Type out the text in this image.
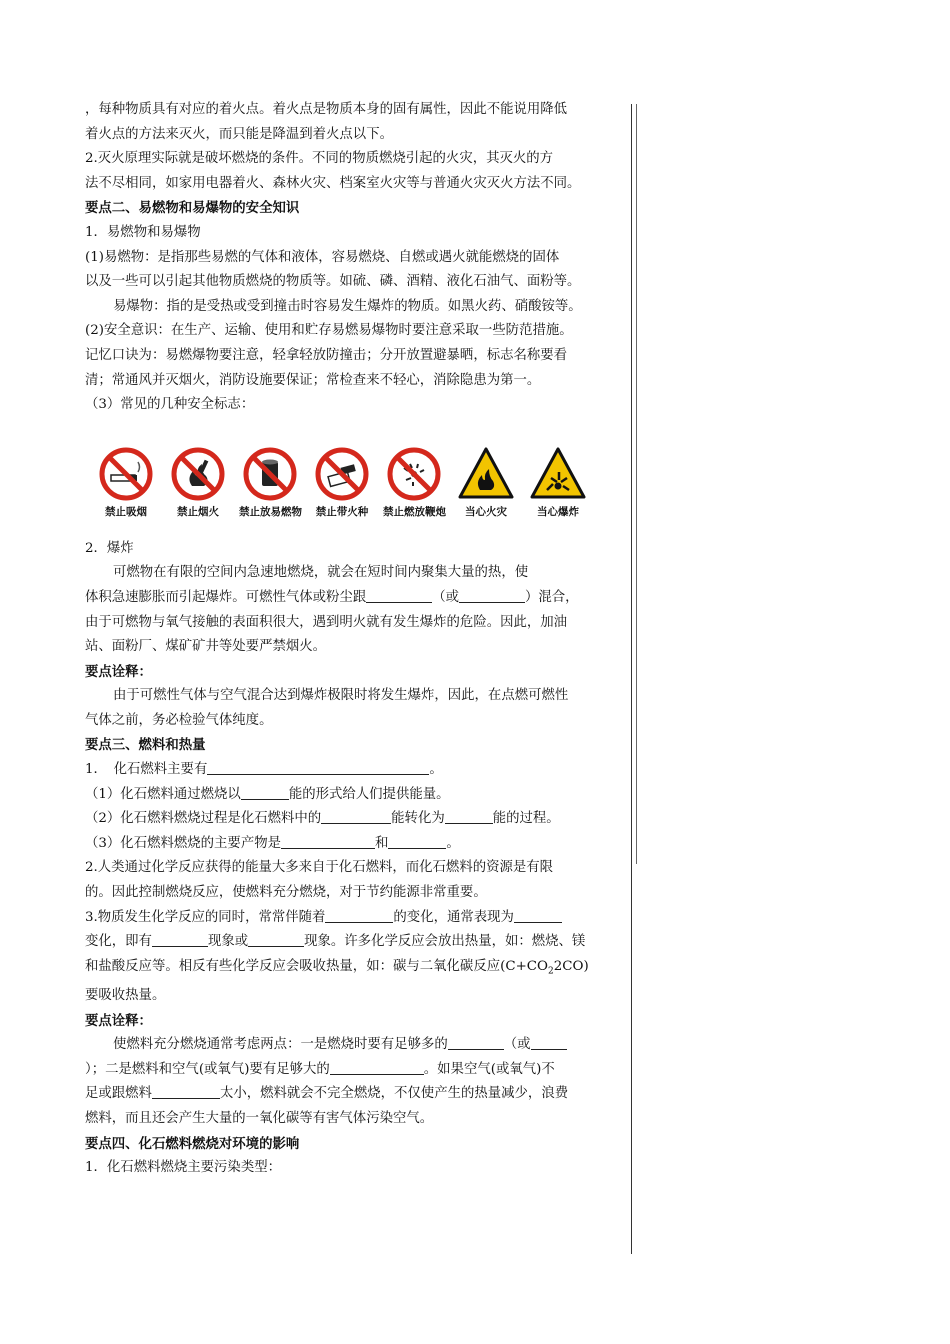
，每种物质具有对应的着火点。着火点是物质本身的固有属性，因此不能说用降低
着火点的方法来灭火，而只能是降温到着火点以下。
2.灭火原理实际就是破坏燃烧的条件。不同的物质燃烧引起的火灾，其灭火的方
法不尽相同，如家用电器着火、森林火灾、档案室火灾等与普通火灾灭火方法不同。
要点二、易燃物和易爆物的安全知识
1．易燃物和易爆物
(1)易燃物：是指那些易燃的气体和液体，容易燃烧、自燃或遇火就能燃烧的固体
以及一些可以引起其他物质燃烧的物质等。如硫、磷、酒精、液化石油气、面粉等。
易爆物：指的是受热或受到撞击时容易发生爆炸的物质。如黑火药、硝酸铵等。
(2)安全意识：在生产、运输、使用和贮存易燃易爆物时要注意采取一些防范措施。
记忆口诀为：易燃爆物要注意，轻拿轻放防撞击；分开放置避暴晒，标志名称要看
清；常通风并灭烟火，消防设施要保证；常检查来不轻心，消除隐患为第一。
（3）常见的几种安全标志：
禁止吸烟	禁止烟火	禁止放易燃物	禁止带火种	禁止燃放鞭炮	当心火灾	当心爆炸
2．爆炸
可燃物在有限的空间内急速地燃烧，就会在短时间内聚集大量的热，使
体积急速膨胀而引起爆炸。可燃性气体或粉尘跟	（或	）混合，
由于可燃物与氧气接触的表面积很大，遇到明火就有发生爆炸的危险。因此，加油
站、面粉厂、煤矿矿井等处要严禁烟火。
要点诠释：
由于可燃性气体与空气混合达到爆炸极限时将发生爆炸，因此，在点燃可燃性
气体之前，务必检验气体纯度。
要点三、燃料和热量
1．　化石燃料主要有	。
（1）化石燃料通过燃烧以	能的形式给人们提供能量。
（2）化石燃料燃烧过程是化石燃料中的	能转化为	能的过程。
（3）化石燃料燃烧的主要产物是	和	。
2.人类通过化学反应获得的能量大多来自于化石燃料，而化石燃料的资源是有限
的。因此控制燃烧反应，使燃料充分燃烧，对于节约能源非常重要。
3.物质发生化学反应的同时，常常伴随着	的变化，通常表现为
变化，即有	现象或	现象。许多化学反应会放出热量，如：燃烧、镁
和盐酸反应等。相反有些化学反应会吸收热量，如：碳与二氧化碳反应$(C+CO_22CO)$
要吸收热量。
要点诠释：
使燃料充分燃烧通常考虑两点：一是燃烧时要有足够多的	（或
）；二是燃料和空气(或氧气)要有足够大的	。如果空气(或氧气)不
足或跟燃料	太小，燃料就会不完全燃烧，不仅使产生的热量减少，浪费
燃料，而且还会产生大量的一氧化碳等有害气体污染空气。
要点四、化石燃料燃烧对环境的影响
1．化石燃料燃烧主要污染类型：
